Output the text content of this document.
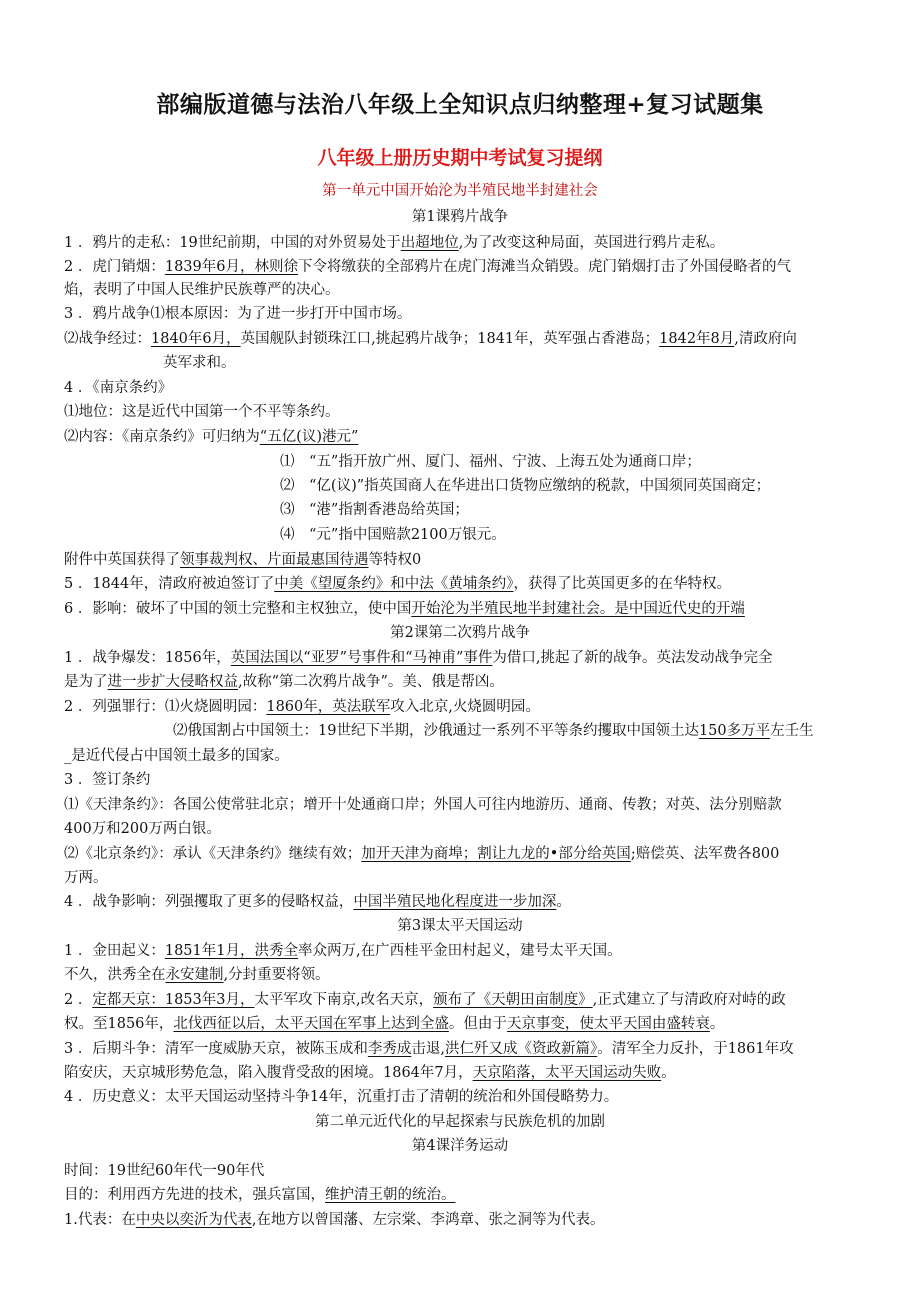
部编版道德与法治八年级上全知识点归纳整理+复习试题集
八年级上册历史期中考试复习提纲
第一单元中国开始沦为半殖民地半封建社会
第1课鸦片战争
1 ．鸦片的走私：19世纪前期，中国的对外贸易处于出超地位,为了改变这种局面，英国进行鸦片走私。
2 ．虎门销烟：1839年6月，林则徐下令将缴获的全部鸦片在虎门海滩当众销毁。虎门销烟打击了外国侵略者的气
焰，表明了中国人民维护民族尊严的决心。
3 ．鸦片战争⑴根本原因：为了进一步打开中国市场。
⑵战争经过：1840年6月，英国舰队封锁珠江口,挑起鸦片战争；1841年，英军强占香港岛；1842年8月,清政府向
英军求和。
4 ．《南京条约》
⑴地位：这是近代中国第一个不平等条约。
⑵内容：《南京条约》可归纳为“五亿(议)港元”
⑴　“五”指开放广州、厦门、福州、宁波、上海五处为通商口岸；
⑵　“亿(议)”指英国商人在华进出口货物应缴纳的税款，中国须同英国商定；
⑶　“港”指割香港岛给英国；
⑷　“元”指中国赔款2100万银元。
附件中英国获得了领事裁判权、片面最惠国待遇等特权0
5 ．1844年，清政府被迫签订了中美《望厦条约》和中法《黄埔条约》，获得了比英国更多的在华特权。
6 ．影响：破坏了中国的领土完整和主权独立，使中国开始沦为半殖民地半封建社会。是中国近代史的开端
第2课第二次鸦片战争
1 ．战争爆发：1856年，英国法国以“亚罗”号事件和“马神甫”事件为借口,挑起了新的战争。英法发动战争完全
是为了进一步扩大侵略权益,故称“第二次鸦片战争”。美、俄是帮凶。
2 ．列强罪行：⑴火烧圆明园：1860年，英法联军攻入北京,火烧圆明园。
⑵俄国割占中国领土：19世纪下半期，沙俄通过一系列不平等条约攫取中国领土达150多万平左壬生
_是近代侵占中国领土最多的国家。
3 ．签订条约
⑴《天津条约》：各国公使常驻北京；增开十处通商口岸；外国人可往内地游历、通商、传教；对英、法分别赔款
400万和200万两白银。
⑵《北京条约》：承认《天津条约》继续有效；加开天津为商埠；割让九龙的•部分给英国;赔偿英、法军费各800
万两。
4 ．战争影响：列强攫取了更多的侵略权益，中国半殖民地化程度进一步加深。
第3课太平天国运动
1 ．金田起义：1851年1月，洪秀全率众两万,在广西桂平金田村起义，建号太平天国。
不久，洪秀全在永安建制,分封重要将领。
2 ．定都天京：1853年3月，太平军攻下南京,改名天京，颁布了《天朝田亩制度》,正式建立了与清政府对峙的政
权。至1856年，北伐西征以后，太平天国在军事上达到全盛。但由于天京事变，使太平天国由盛转衰。
3 ．后期斗争：清军一度威胁天京，被陈玉成和李秀成击退,洪仁歼又成《资政新篇》。清军全力反扑，于1861年攻
陷安庆，天京城形势危急，陷入腹背受敌的困境。1864年7月，天京陷落，太平天国运动失败。
4 ．历史意义：太平天国运动坚持斗争14年，沉重打击了清朝的统治和外国侵略势力。
第二单元近代化的早起探索与民族危机的加剧
第4课洋务运动
时间：19世纪60年代一90年代
目的：利用西方先进的技术，强兵富国，维护清王朝的统治。
1.代表：在中央以奕沂为代表,在地方以曾国藩、左宗棠、李鸿章、张之洞等为代表。
